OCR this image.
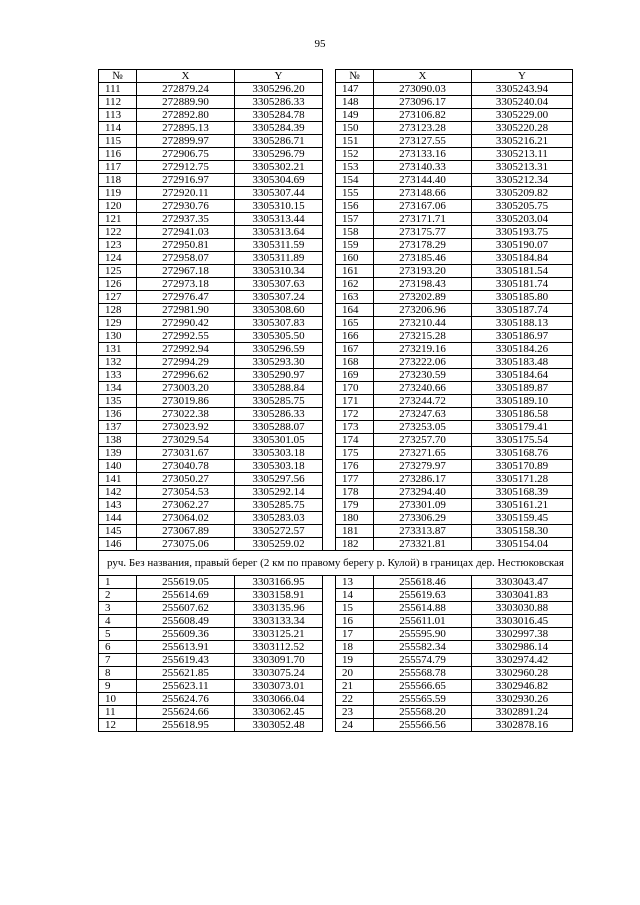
95
№	X	Y		№	X	Y
111	272879.24	3305296.20		147	273090.03	3305243.94
112	272889.90	3305286.33		148	273096.17	3305240.04
113	272892.80	3305284.78		149	273106.82	3305229.00
114	272895.13	3305284.39		150	273123.28	3305220.28
115	272899.97	3305286.71		151	273127.55	3305216.21
116	272906.75	3305296.79		152	273133.16	3305213.11
117	272912.75	3305302.21		153	273140.33	3305213.31
118	272916.97	3305304.69		154	273144.40	3305212.34
119	272920.11	3305307.44		155	273148.66	3305209.82
120	272930.76	3305310.15		156	273167.06	3305205.75
121	272937.35	3305313.44		157	273171.71	3305203.04
122	272941.03	3305313.64		158	273175.77	3305193.75
123	272950.81	3305311.59		159	273178.29	3305190.07
124	272958.07	3305311.89		160	273185.46	3305184.84
125	272967.18	3305310.34		161	273193.20	3305181.54
126	272973.18	3305307.63		162	273198.43	3305181.74
127	272976.47	3305307.24		163	273202.89	3305185.80
128	272981.90	3305308.60		164	273206.96	3305187.74
129	272990.42	3305307.83		165	273210.44	3305188.13
130	272992.55	3305305.50		166	273215.28	3305186.97
131	272992.94	3305296.59		167	273219.16	3305184.26
132	272994.29	3305293.30		168	273222.06	3305183.48
133	272996.62	3305290.97		169	273230.59	3305184.64
134	273003.20	3305288.84		170	273240.66	3305189.87
135	273019.86	3305285.75		171	273244.72	3305189.10
136	273022.38	3305286.33		172	273247.63	3305186.58
137	273023.92	3305288.07		173	273253.05	3305179.41
138	273029.54	3305301.05		174	273257.70	3305175.54
139	273031.67	3305303.18		175	273271.65	3305168.76
140	273040.78	3305303.18		176	273279.97	3305170.89
141	273050.27	3305297.56		177	273286.17	3305171.28
142	273054.53	3305292.14		178	273294.40	3305168.39
143	273062.27	3305285.75		179	273301.09	3305161.21
144	273064.02	3305283.03		180	273306.29	3305159.45
145	273067.89	3305272.57		181	273313.87	3305158.30
146	273075.06	3305259.02		182	273321.81	3305154.04
руч. Без названия, правый берег (2 км по правому берегу р. Кулой) в границах дер. Нестюковская						
1	255619.05	3303166.95		13	255618.46	3303043.47
2	255614.69	3303158.91		14	255619.63	3303041.83
3	255607.62	3303135.96		15	255614.88	3303030.88
4	255608.49	3303133.34		16	255611.01	3303016.45
5	255609.36	3303125.21		17	255595.90	3302997.38
6	255613.91	3303112.52		18	255582.34	3302986.14
7	255619.43	3303091.70		19	255574.79	3302974.42
8	255621.85	3303075.24		20	255568.78	3302960.28
9	255623.11	3303073.01		21	255566.65	3302946.82
10	255624.76	3303066.04		22	255565.59	3302930.26
11	255624.66	3303062.45		23	255568.20	3302891.24
12	255618.95	3303052.48		24	255566.56	3302878.16
